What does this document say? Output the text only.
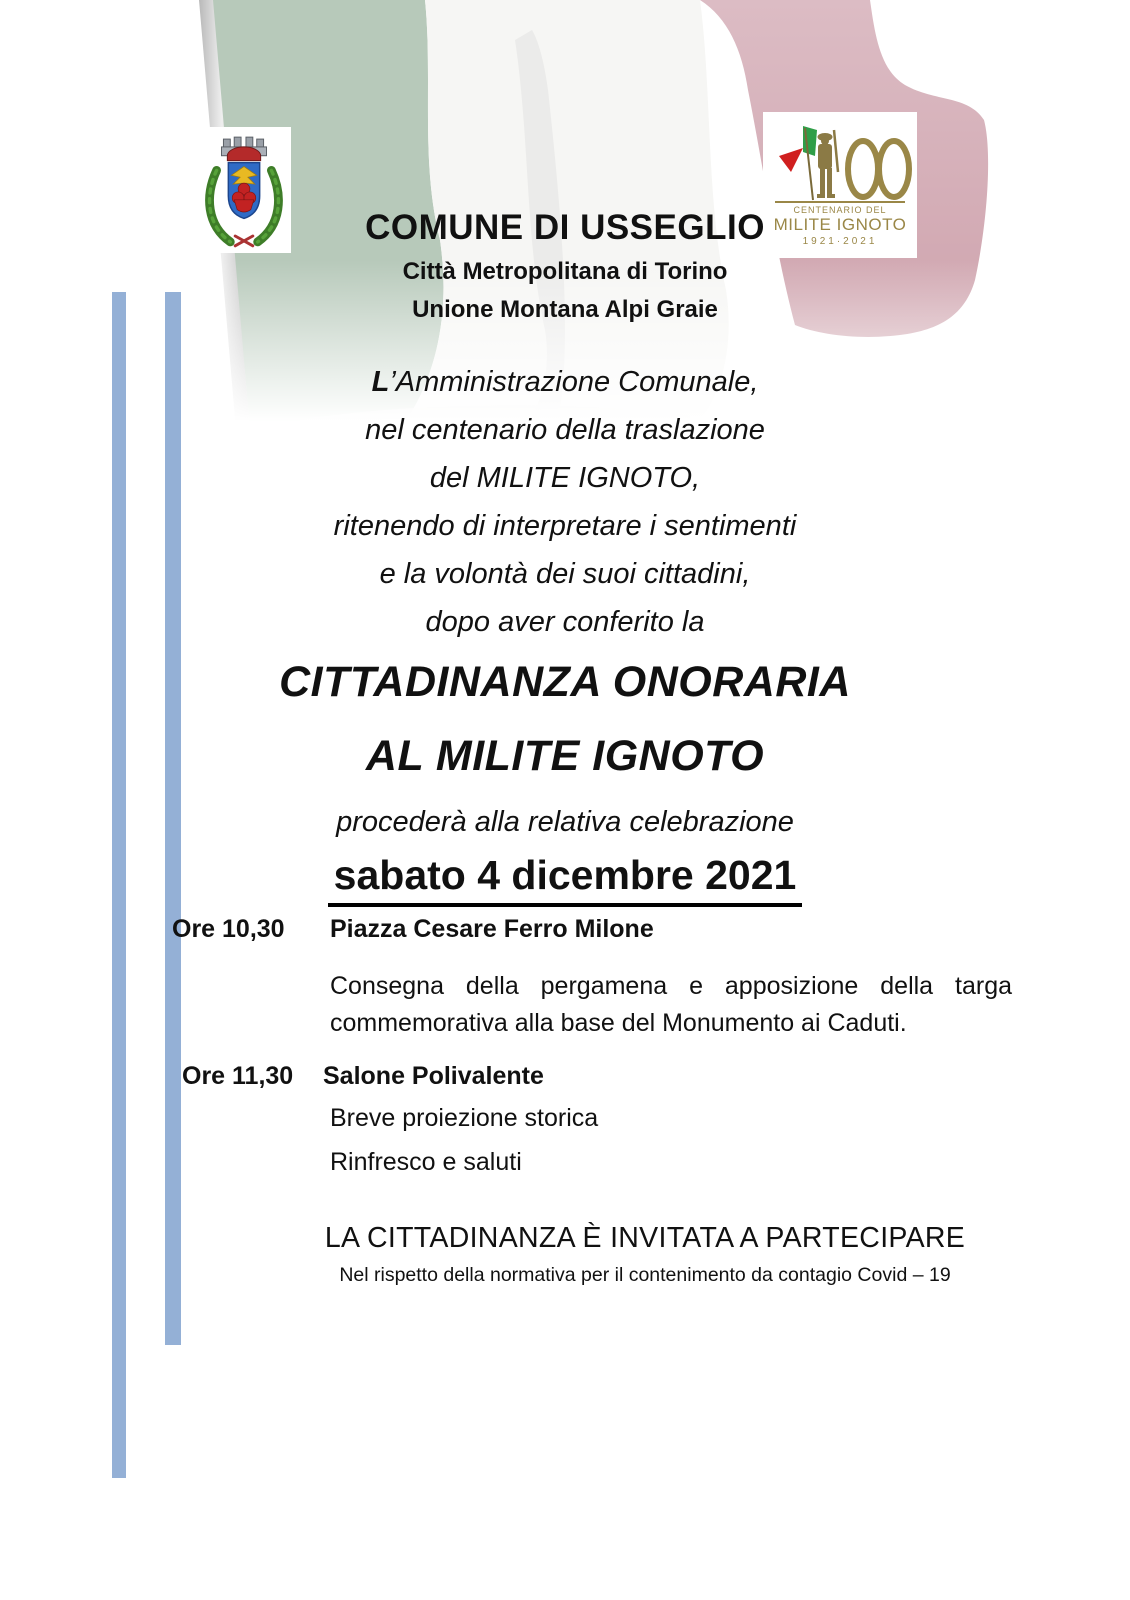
CENTENARIO DEL
MILITE IGNOTO
1921·2021
COMUNE DI USSEGLIO
Città Metropolitana di Torino
Unione Montana Alpi Graie
L’Amministrazione Comunale,
nel centenario della traslazione
del MILITE IGNOTO,
ritenendo di interpretare i sentimenti
e la volontà dei suoi cittadini,
dopo aver conferito la
CITTADINANZA ONORARIA
AL MILITE IGNOTO
procederà alla relativa celebrazione
sabato 4 dicembre 2021
Ore 10,30 Piazza Cesare Ferro Milone
Consegna della pergamena e apposizione della targa commemorativa alla base del Monumento ai Caduti.
Ore 11,30 Salone Polivalente
Breve proiezione storica
Rinfresco e saluti
LA CITTADINANZA È INVITATA A PARTECIPARE
Nel rispetto della normativa per il contenimento da contagio Covid – 19
